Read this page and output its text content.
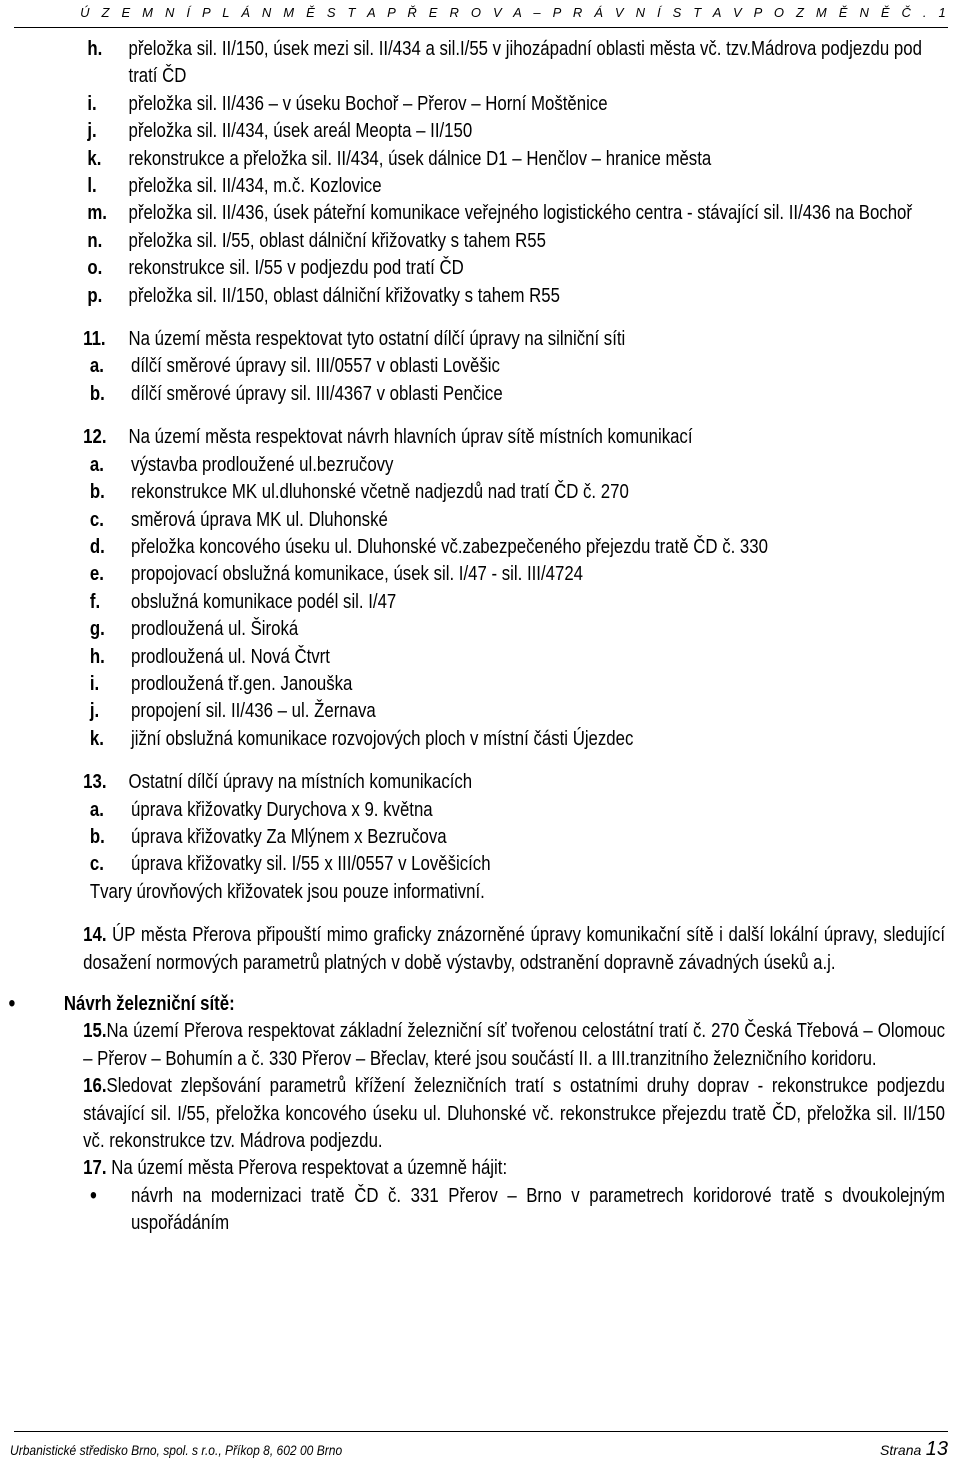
Ú Z E M N Í P L Á N M Ě S T A P Ř E R O V A – P R Á V N Í S T A V P O Z M Ě N Ě Č . 1
h. přeložka sil. II/150, úsek mezi sil. II/434 a sil.I/55 v jihozápadní oblasti města vč. tzv.Mádrova podjezdu pod tratí ČD
i. přeložka sil. II/436 – v úseku Bochoř – Přerov – Horní Moštěnice
j. přeložka sil. II/434, úsek areál Meopta – II/150
k. rekonstrukce a přeložka sil. II/434, úsek dálnice D1 – Henčlov – hranice města
l. přeložka sil. II/434, m.č. Kozlovice
m. přeložka sil. II/436, úsek páteřní komunikace veřejného logistického centra - stávající sil. II/436 na Bochoř
n. přeložka sil. I/55, oblast dálniční křižovatky s tahem R55
o. rekonstrukce sil. I/55 v podjezdu pod tratí ČD
p. přeložka sil. II/150, oblast dálniční křižovatky s tahem R55
11. Na území města respektovat tyto ostatní dílčí úpravy na silniční síti
a. dílčí směrové úpravy sil. III/0557 v oblasti Lověšic
b. dílčí směrové úpravy sil. III/4367 v oblasti Penčice
12. Na území města respektovat návrh hlavních úprav sítě místních komunikací
a. výstavba prodloužené ul.bezručovy
b. rekonstrukce MK ul.dluhonské včetně nadjezdů nad tratí ČD č. 270
c. směrová úprava MK ul. Dluhonské
d. přeložka koncového úseku ul. Dluhonské vč.zabezpečeného přejezdu tratě ČD č. 330
e. propojovací obslužná komunikace, úsek sil. I/47 - sil. III/4724
f. obslužná komunikace podél sil. I/47
g. prodloužená ul. Široká
h. prodloužená ul. Nová Čtvrt
i. prodloužená tř.gen. Janouška
j. propojení sil. II/436 – ul. Žernava
k. jižní obslužná komunikace rozvojových ploch v místní části Újezdec
13. Ostatní dílčí úpravy na místních komunikacích
a. úprava křižovatky Durychova x 9. května
b. úprava křižovatky Za Mlýnem x Bezručova
c. úprava křižovatky sil. I/55 x III/0557 v Lověšicích
Tvary úrovňových křižovatek jsou pouze informativní.
14. ÚP města Přerova připouští mimo graficky znázorněné úpravy komunikační sítě i další lokální úpravy, sledující dosažení normových parametrů platných v době výstavby, odstranění dopravně závadných úseků a.j.
• Návrh železniční sítě:
15.Na území Přerova respektovat základní železniční síť tvořenou celostátní tratí č. 270 Česká Třebová – Olomouc – Přerov – Bohumín a č. 330 Přerov – Břeclav, které jsou součástí II. a III.tranzitního železničního koridoru.
16.Sledovat zlepšování parametrů křížení železničních tratí s ostatními druhy doprav - rekonstrukce podjezdu stávající sil. I/55, přeložka koncového úseku ul. Dluhonské vč. rekonstrukce přejezdu tratě ČD, přeložka sil. II/150 vč. rekonstrukce tzv. Mádrova podjezdu.
17. Na území města Přerova respektovat a územně hájit:
• návrh na modernizaci tratě ČD č. 331 Přerov – Brno v parametrech koridorové tratě s dvoukolejným uspořádáním
Urbanistické středisko Brno, spol. s r.o., Příkop 8, 602 00 Brno	Strana 13
